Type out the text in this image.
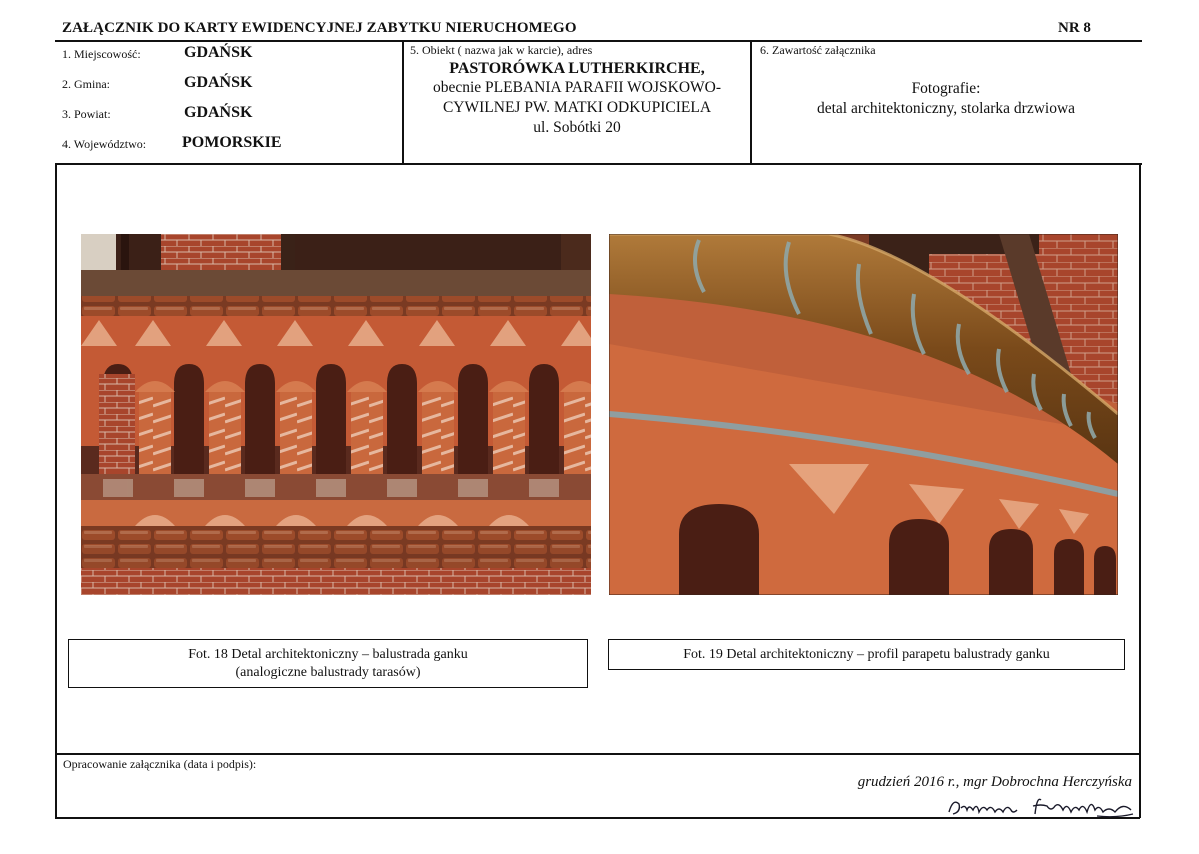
ZAŁĄCZNIK DO KARTY EWIDENCYJNEJ ZABYTKU NIERUCHOMEGO	NR 8
1. Miejscowość:	GDAŃSK
2. Gmina:	GDAŃSK
3. Powiat:	GDAŃSK
4. Województwo: POMORSKIE
5. Obiekt ( nazwa jak w karcie), adres
PASTORÓWKA LUTHERKIRCHE,
obecnie PLEBANIA PARAFII WOJSKOWO-
CYWILNEJ PW. MATKI ODKUPICIELA
ul. Sobótki 20
6. Zawartość załącznika
Fotografie:
detal architektoniczny, stolarka drzwiowa
Fot. 18 Detal architektoniczny – balustrada ganku
(analogiczne balustrady tarasów)
Fot. 19 Detal architektoniczny – profil parapetu balustrady ganku
Opracowanie załącznika (data i podpis):
grudzień 2016 r., mgr Dobrochna Herczyńska
